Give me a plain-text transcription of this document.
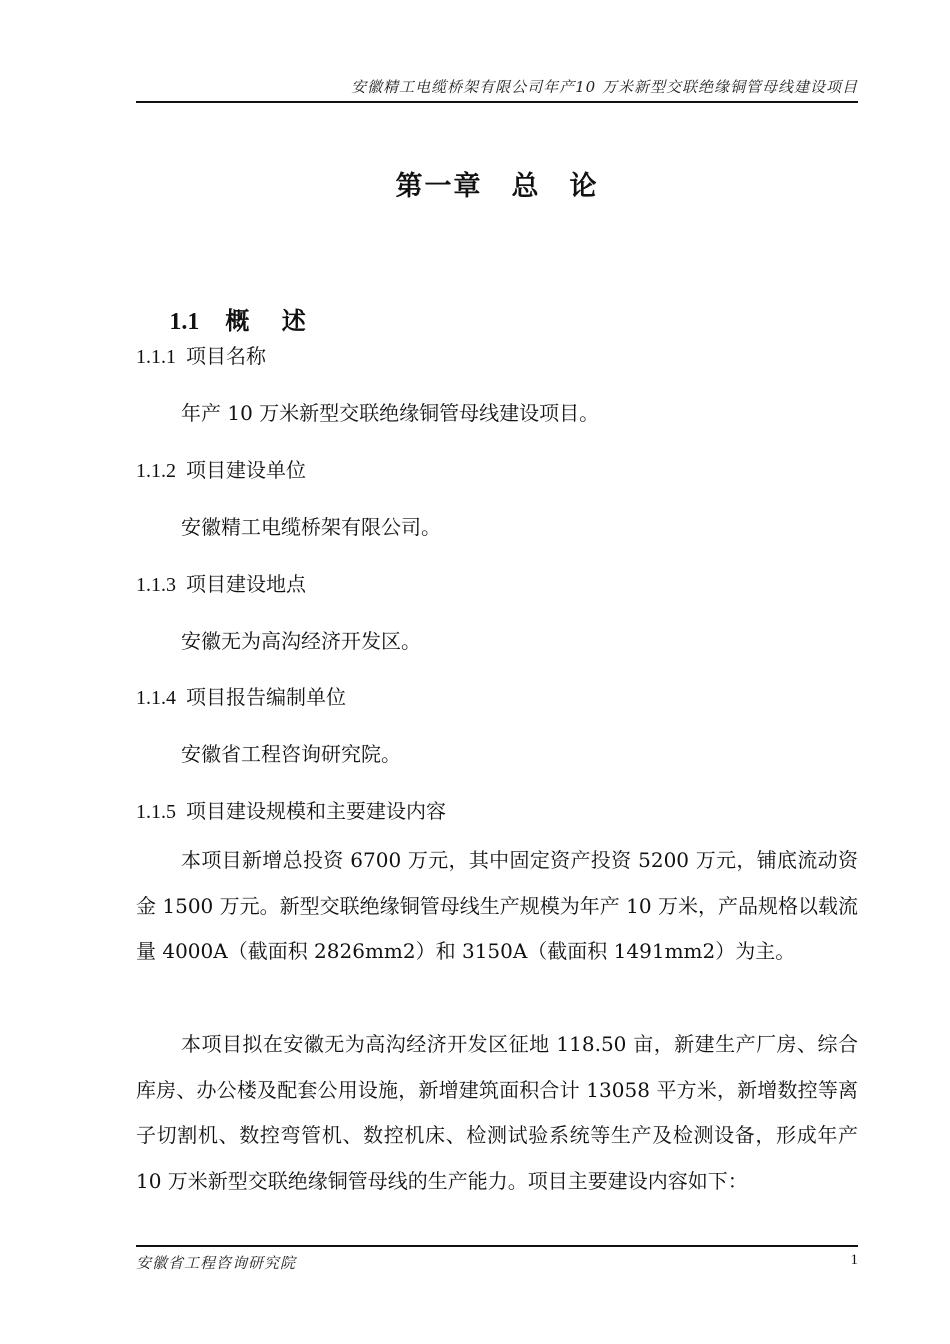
安徽精工电缆桥架有限公司年产10 万米新型交联绝缘铜管母线建设项目
第一章　总　论

1.1 概 述

1.1.1 项目名称
年产 10 万米新型交联绝缘铜管母线建设项目。
1.1.2 项目建设单位
安徽精工电缆桥架有限公司。
1.1.3 项目建设地点
安徽无为高沟经济开发区。
1.1.4 项目报告编制单位
安徽省工程咨询研究院。
1.1.5 项目建设规模和主要建设内容
本项目新增总投资 6700 万元，其中固定资产投资 5200 万元，铺底流动资金 1500 万元。新型交联绝缘铜管母线生产规模为年产 10 万米，产品规格以载流量 4000A（截面积 2826mm2）和 3150A（截面积 1491mm2）为主。
本项目拟在安徽无为高沟经济开发区征地 118.50 亩，新建生产厂房、综合库房、办公楼及配套公用设施，新增建筑面积合计 13058 平方米，新增数控等离子切割机、数控弯管机、数控机床、检测试验系统等生产及检测设备，形成年产 10 万米新型交联绝缘铜管母线的生产能力。项目主要建设内容如下：
安徽省工程咨询研究院	1
